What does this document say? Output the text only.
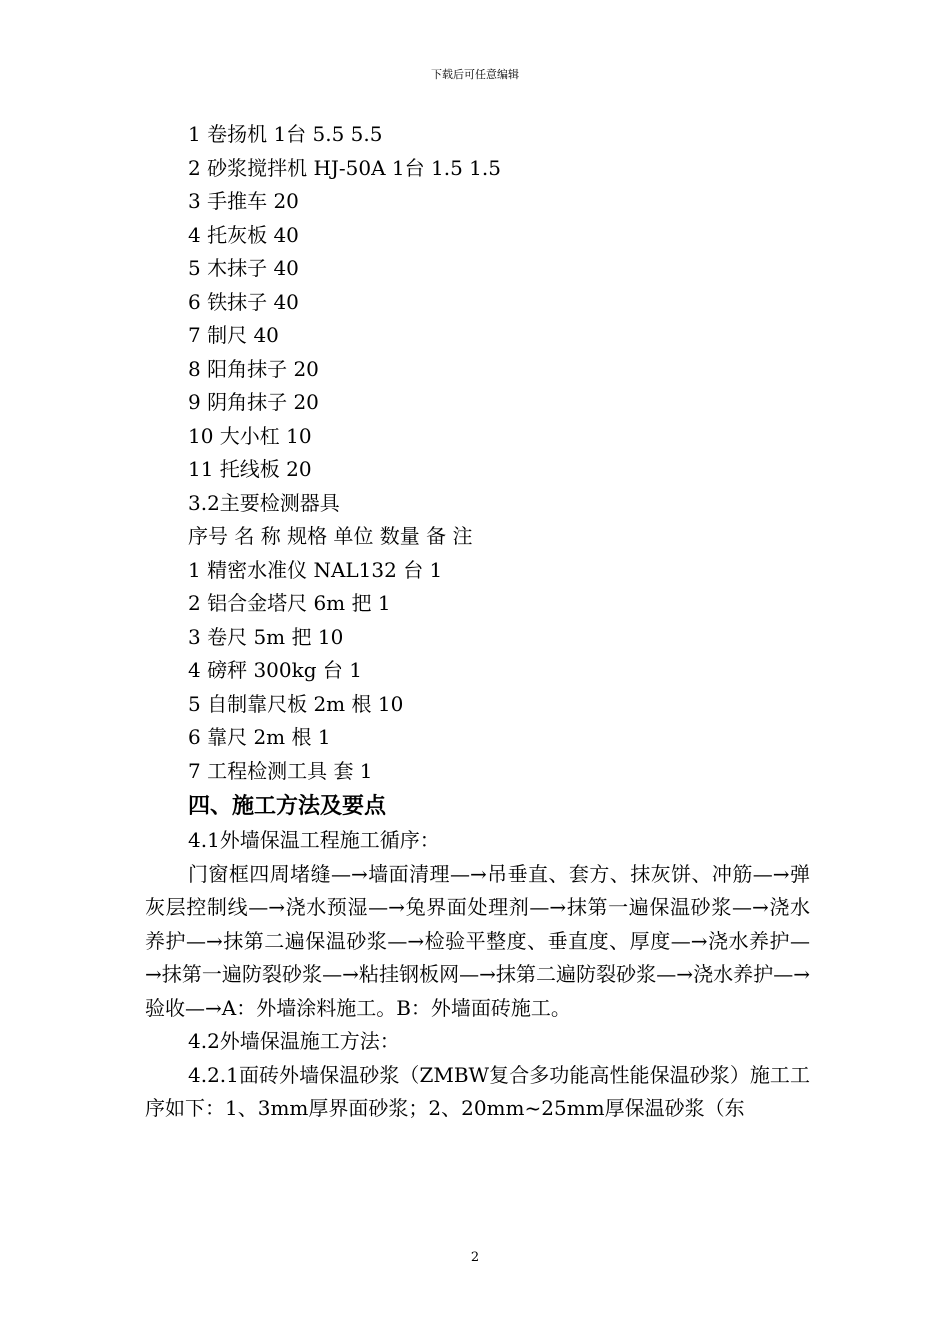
下载后可任意编辑
1 卷扬机 1台 5.5 5.5
2 砂浆搅拌机 HJ-50A 1台 1.5 1.5
3 手推车 20
4 托灰板 40
5 木抹子 40
6 铁抹子 40
7 制尺 40
8 阳角抹子 20
9 阴角抹子 20
10 大小杠 10
11 托线板 20
3.2主要检测器具
序号 名 称 规格 单位 数量 备 注
1 精密水准仪 NAL132 台 1
2 铝合金塔尺 6m 把 1
3 卷尺 5m 把 10
4 磅秤 300kg 台 1
5 自制靠尺板 2m 根 10
6 靠尺 2m 根 1
7 工程检测工具 套 1
四、施工方法及要点
4.1外墙保温工程施工循序：
门窗框四周堵缝—→墙面清理—→吊垂直、套方、抹灰饼、冲筋—→弹灰层控制线—→浇水预湿—→兔界面处理剂—→抹第一遍保温砂浆—→浇水养护—→抹第二遍保温砂浆—→检验平整度、垂直度、厚度—→浇水养护—→抹第一遍防裂砂浆—→粘挂钢板网—→抹第二遍防裂砂浆—→浇水养护—→验收—→A：外墙涂料施工。B：外墙面砖施工。
4.2外墙保温施工方法：
4.2.1面砖外墙保温砂浆（ZMBW复合多功能高性能保温砂浆）施工工序如下：1、3mm厚界面砂浆；2、20mm~25mm厚保温砂浆（东
2
